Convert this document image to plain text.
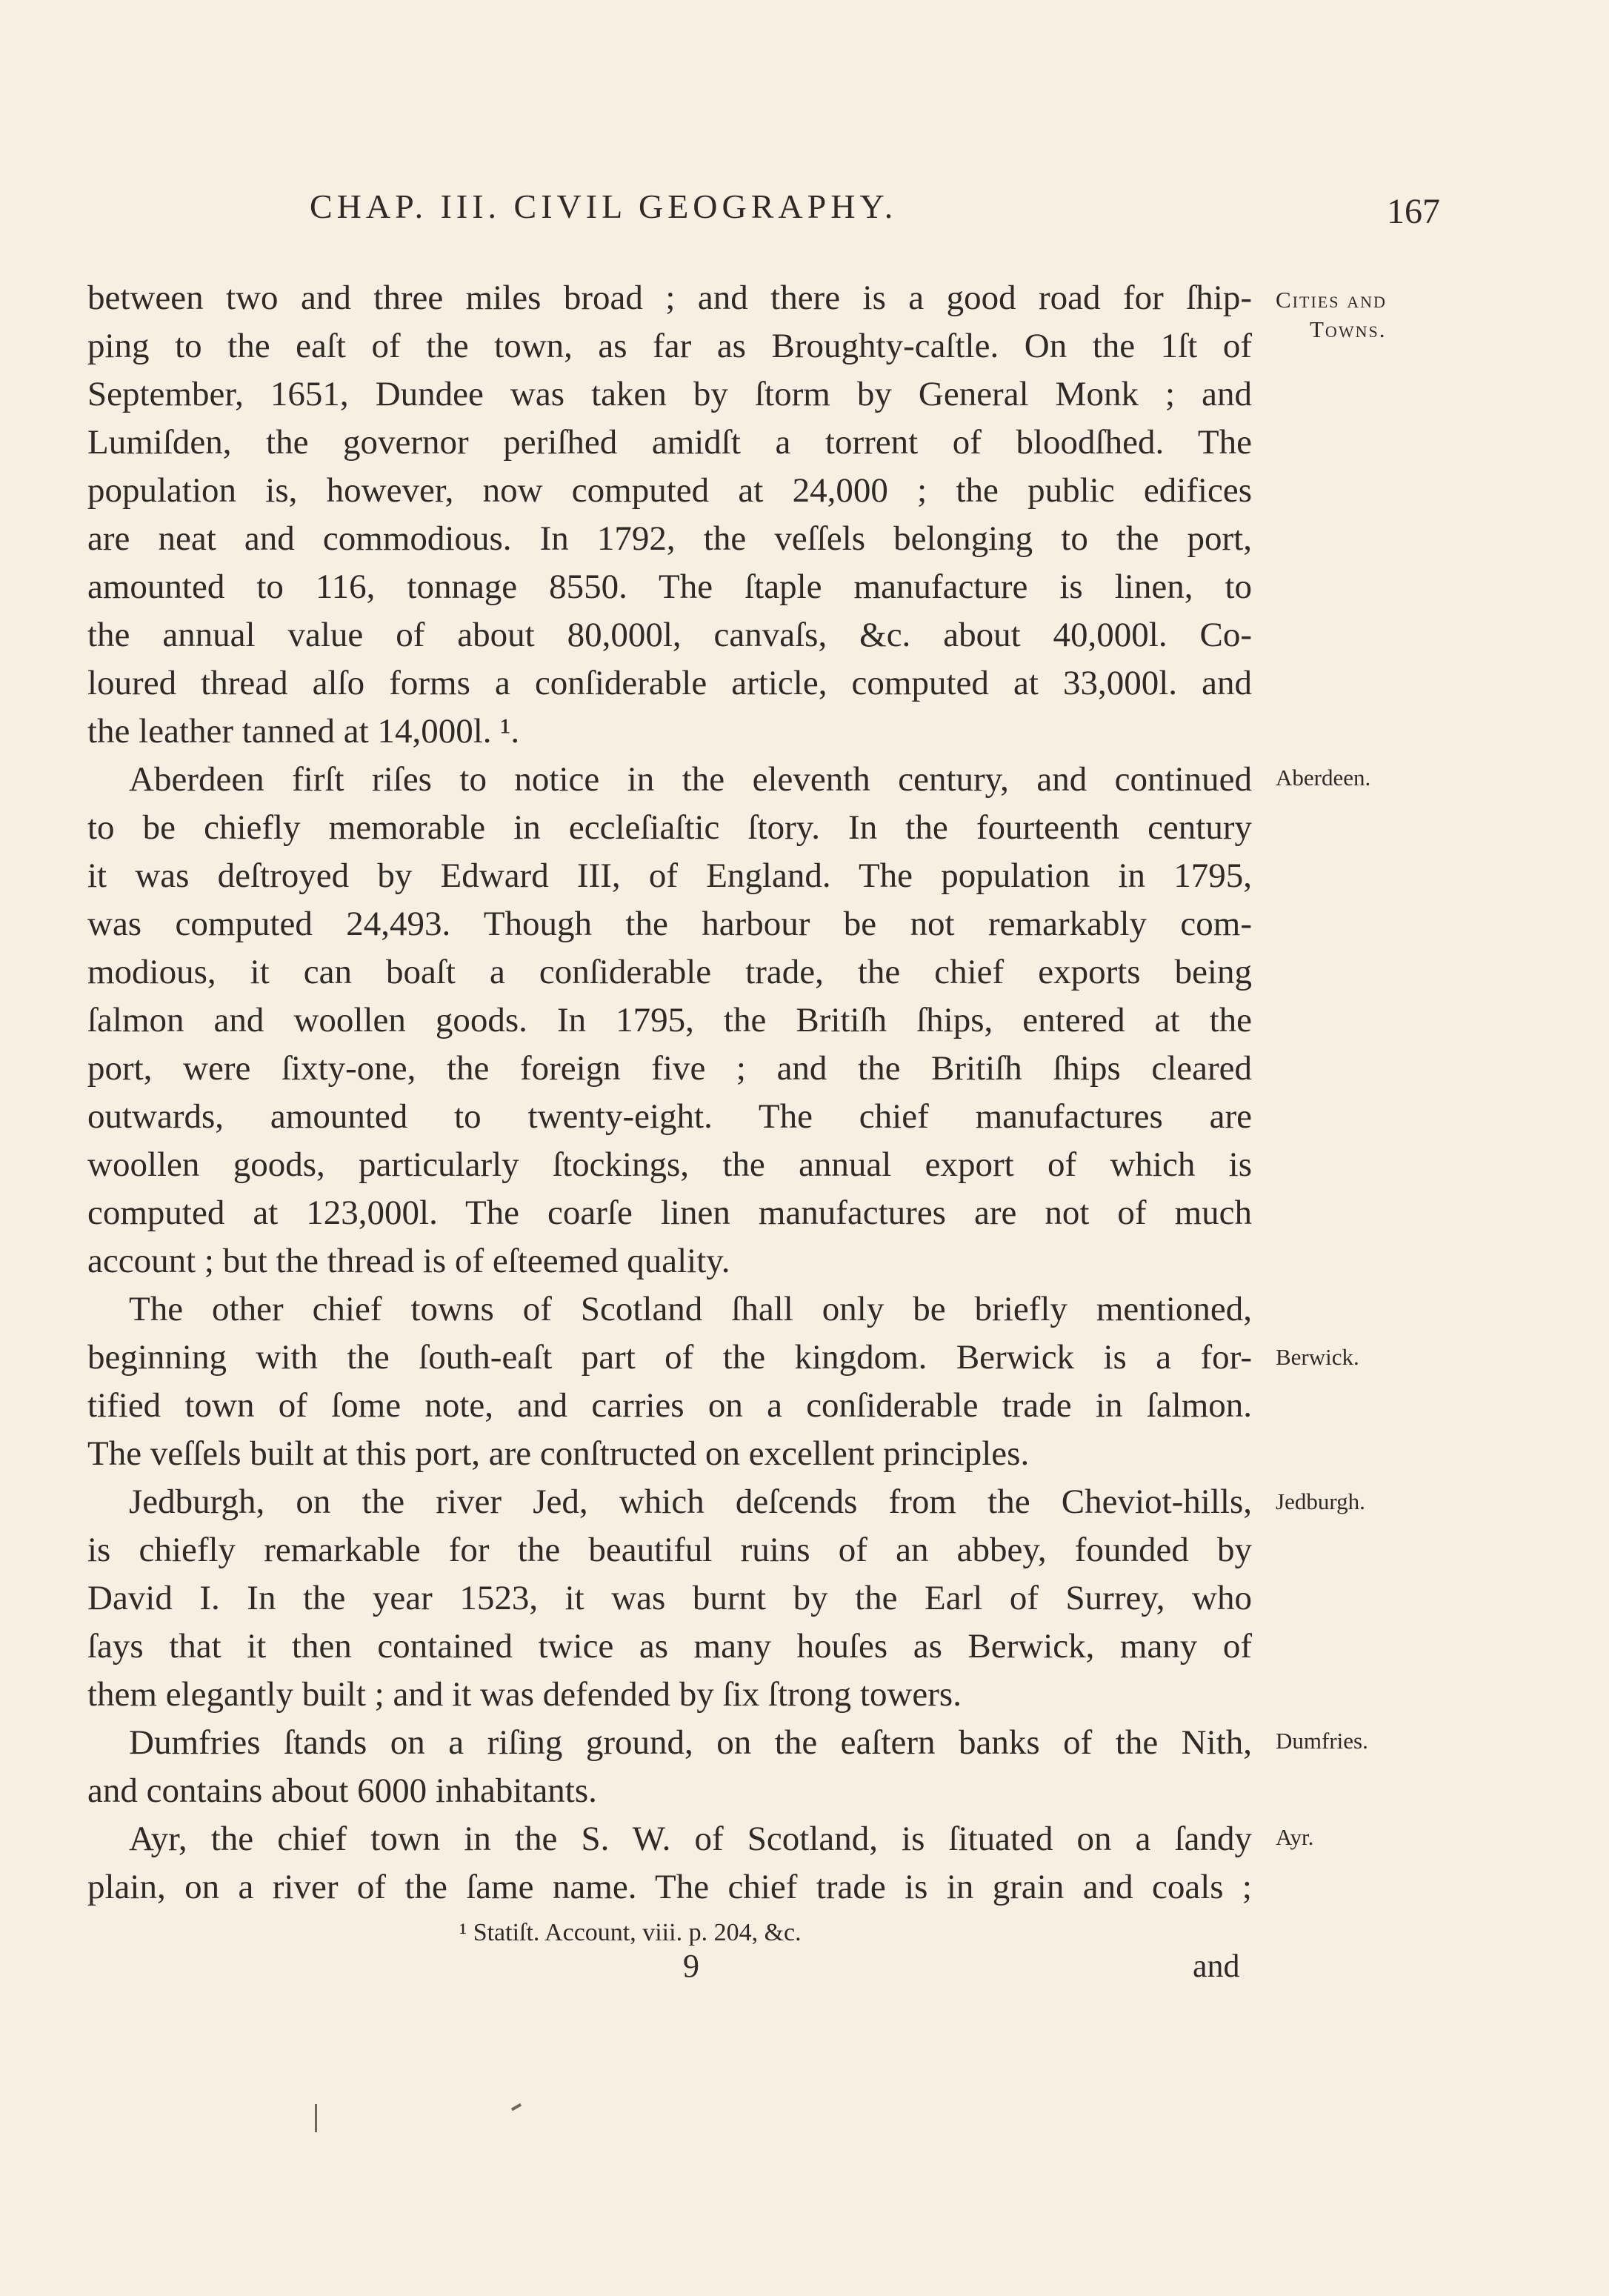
CHAP. III. CIVIL GEOGRAPHY.	167

between two and three miles broad ; and there is a good road for ſhip-

ping to the eaſt of the town, as far as Broughty-caſtle. On the 1ſt of

September, 1651, Dundee was taken by ſtorm by General Monk ; and

Lumiſden, the governor periſhed amidſt a torrent of bloodſhed. The

population is, however, now computed at 24,000 ; the public edifices

are neat and commodious. In 1792, the veſſels belonging to the port,

amounted to 116, tonnage 8550. The ſtaple manufacture is linen, to

the annual value of about 80,000l, canvaſs, &c. about 40,000l. Co-

loured thread alſo forms a conſiderable article, computed at 33,000l. and

the leather tanned at 14,000l. ¹.

Aberdeen firſt riſes to notice in the eleventh century, and continued

to be chiefly memorable in eccleſiaſtic ſtory. In the fourteenth century

it was deſtroyed by Edward III, of England. The population in 1795,

was computed 24,493. Though the harbour be not remarkably com-

modious, it can boaſt a conſiderable trade, the chief exports being

ſalmon and woollen goods. In 1795, the Britiſh ſhips, entered at the

port, were ſixty-one, the foreign five ; and the Britiſh ſhips cleared

outwards, amounted to twenty-eight. The chief manufactures are

woollen goods, particularly ſtockings, the annual export of which is

computed at 123,000l. The coarſe linen manufactures are not of much

account ; but the thread is of eſteemed quality.

The other chief towns of Scotland ſhall only be briefly mentioned,

beginning with the ſouth-eaſt part of the kingdom. Berwick is a for-

tified town of ſome note, and carries on a conſiderable trade in ſalmon.

The veſſels built at this port, are conſtructed on excellent principles.

Jedburgh, on the river Jed, which deſcends from the Cheviot-hills,

is chiefly remarkable for the beautiful ruins of an abbey, founded by

David I. In the year 1523, it was burnt by the Earl of Surrey, who

ſays that it then contained twice as many houſes as Berwick, many of

them elegantly built ; and it was defended by ſix ſtrong towers.

Dumfries ſtands on a riſing ground, on the eaſtern banks of the Nith,

and contains about 6000 inhabitants.

Ayr, the chief town in the S. W. of Scotland, is ſituated on a ſandy

plain, on a river of the ſame name. The chief trade is in grain and coals ;

Cities and
Towns.
Aberdeen.
Berwick.
Jedburgh.
Dumfries.
Ayr.
¹ Statiſt. Account, viii. p. 204, &c.
9	and
